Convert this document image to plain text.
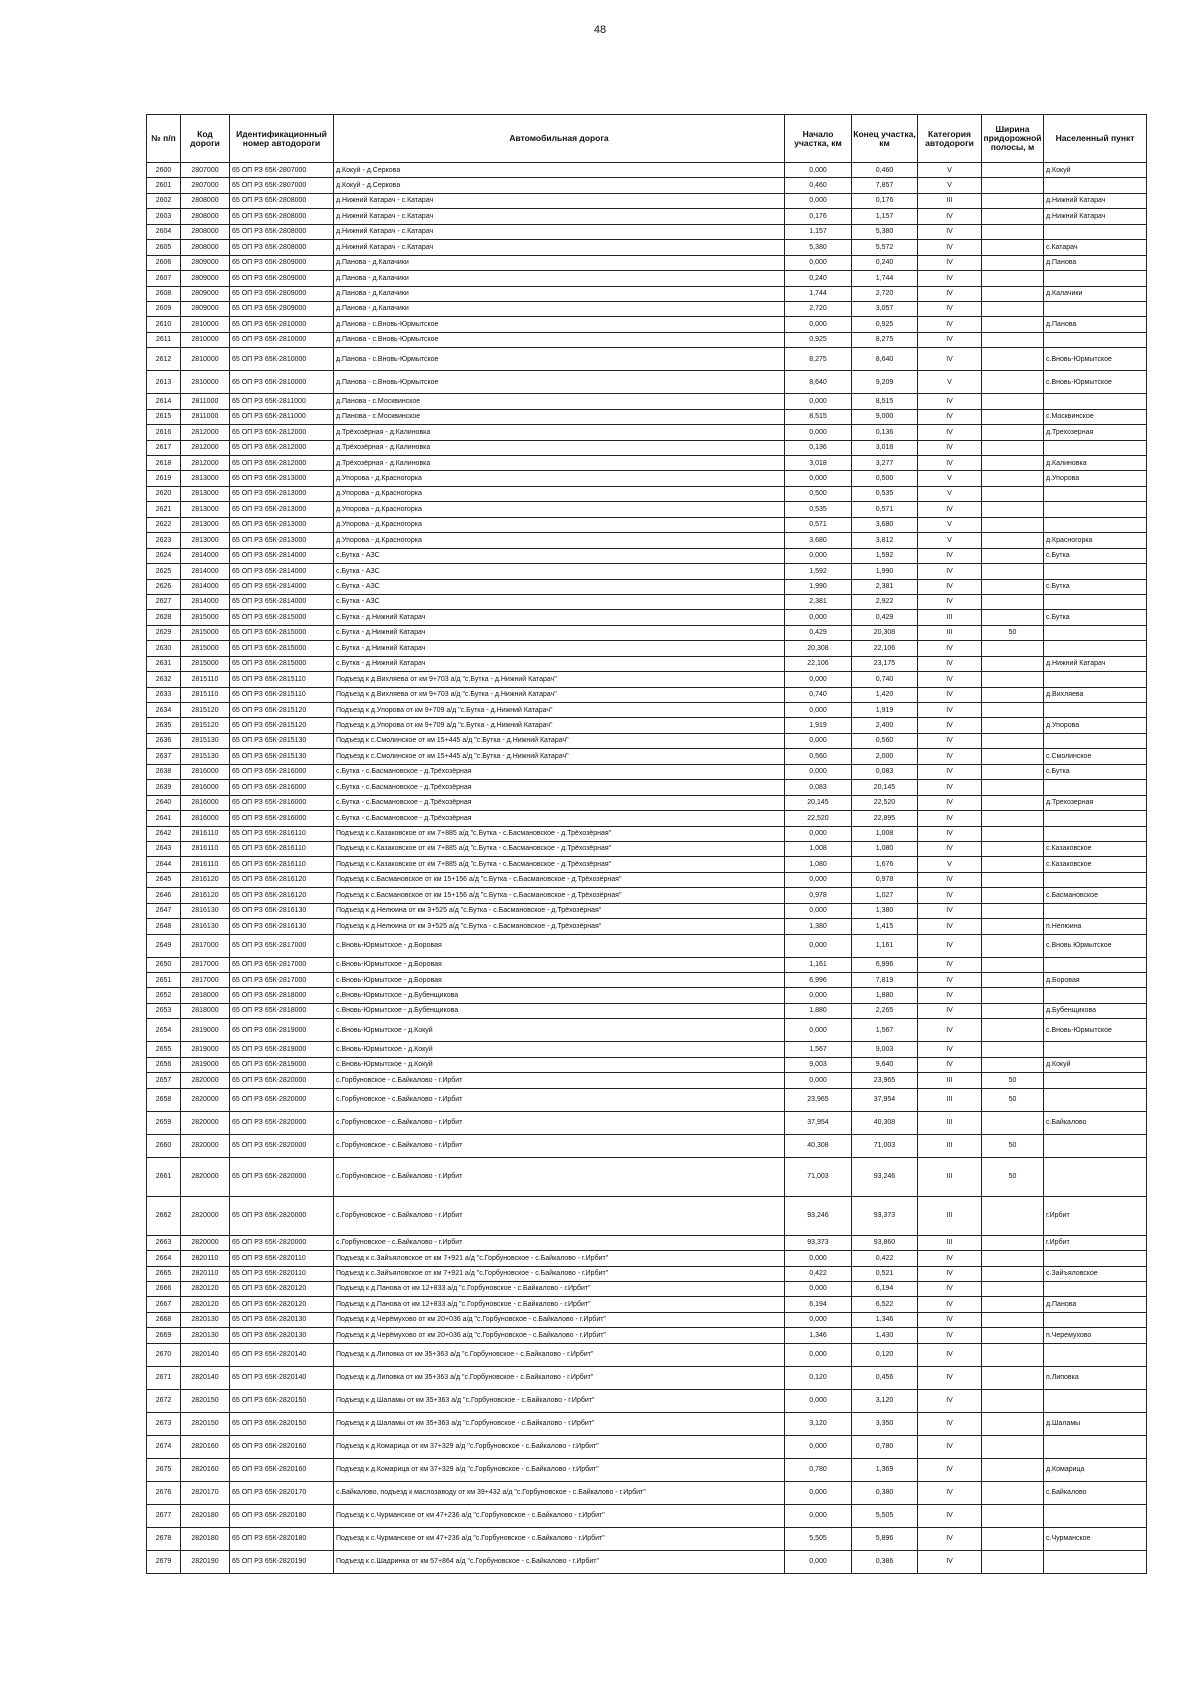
48
№ п/п	Код дороги	Идентификационный номер автодороги	Автомобильная дорога	Начало участка, км	Конец участка, км	Категория автодороги	Ширина придорожной полосы, м	Населенный пункт
2600	2807000	65 ОП РЗ 65К-2807000	д.Кокуй - д.Серкова	0,000	0,460	V		д.Кокуй
2601	2807000	65 ОП РЗ 65К-2807000	д.Кокуй - д.Серкова	0,460	7,857	V		
2602	2808000	65 ОП РЗ 65К-2808000	д.Нижний Катарач - с.Катарач	0,000	0,176	III		д.Нижний Катарач
2603	2808000	65 ОП РЗ 65К-2808000	д.Нижний Катарач - с.Катарач	0,176	1,157	IV		д.Нижний Катарач
2604	2808000	65 ОП РЗ 65К-2808000	д.Нижний Катарач - с.Катарач	1,157	5,380	IV		
2605	2808000	65 ОП РЗ 65К-2808000	д.Нижний Катарач - с.Катарач	5,380	5,572	IV		с.Катарач
2606	2809000	65 ОП РЗ 65К-2809000	д.Панова - д.Калачики	0,000	0,240	IV		д.Панова
2607	2809000	65 ОП РЗ 65К-2809000	д.Панова - д.Калачики	0,240	1,744	IV		
2608	2809000	65 ОП РЗ 65К-2809000	д.Панова - д.Калачики	1,744	2,720	IV		д.Калачики
2609	2809000	65 ОП РЗ 65К-2809000	д.Панова - д.Калачики	2,720	3,057	IV		
2610	2810000	65 ОП РЗ 65К-2810000	д.Панова - с.Вновь-Юрмытское	0,000	0,925	IV		д.Панова
2611	2810000	65 ОП РЗ 65К-2810000	д.Панова - с.Вновь-Юрмытское	0,925	8,275	IV		
2612	2810000	65 ОП РЗ 65К-2810000	д.Панова - с.Вновь-Юрмытское	8,275	8,640	IV		с.Вновь-Юрмытское
2613	2810000	65 ОП РЗ 65К-2810000	д.Панова - с.Вновь-Юрмытское	8,640	9,209	V		с.Вновь-Юрмытское
2614	2811000	65 ОП РЗ 65К-2811000	д.Панова - с.Москвинское	0,000	8,515	IV		
2615	2811000	65 ОП РЗ 65К-2811000	д.Панова - с.Москвинское	8,515	9,000	IV		с.Москвинское
2616	2812000	65 ОП РЗ 65К-2812000	д.Трёхозёрная - д.Калиновка	0,000	0,136	IV		д.Трехозерная
2617	2812000	65 ОП РЗ 65К-2812000	д.Трёхозёрная - д.Калиновка	0,136	3,018	IV		
2618	2812000	65 ОП РЗ 65К-2812000	д.Трёхозёрная - д.Калиновка	3,018	3,277	IV		д.Калиновка
2619	2813000	65 ОП РЗ 65К-2813000	д.Упорова - д.Красногорка	0,000	0,500	V		д.Упорова
2620	2813000	65 ОП РЗ 65К-2813000	д.Упорова - д.Красногорка	0,500	0,535	V		
2621	2813000	65 ОП РЗ 65К-2813000	д.Упорова - д.Красногорка	0,535	0,571	IV		
2622	2813000	65 ОП РЗ 65К-2813000	д.Упорова - д.Красногорка	0,571	3,680	V		
2623	2813000	65 ОП РЗ 65К-2813000	д.Упорова - д.Красногорка	3,680	3,812	V		д.Красногорка
2624	2814000	65 ОП РЗ 65К-2814000	с.Бутка - АЗС	0,000	1,592	IV		с.Бутка
2625	2814000	65 ОП РЗ 65К-2814000	с.Бутка - АЗС	1,592	1,990	IV		
2626	2814000	65 ОП РЗ 65К-2814000	с.Бутка - АЗС	1,990	2,381	IV		с.Бутка
2627	2814000	65 ОП РЗ 65К-2814000	с.Бутка - АЗС	2,381	2,922	IV		
2628	2815000	65 ОП РЗ 65К-2815000	с.Бутка - д.Нижний Катарач	0,000	0,429	III		с.Бутка
2629	2815000	65 ОП РЗ 65К-2815000	с.Бутка - д.Нижний Катарач	0,429	20,308	III	50	
2630	2815000	65 ОП РЗ 65К-2815000	с.Бутка - д.Нижний Катарач	20,308	22,106	IV		
2631	2815000	65 ОП РЗ 65К-2815000	с.Бутка - д.Нижний Катарач	22,106	23,175	IV		д.Нижний Катарач
2632	2815110	65 ОП РЗ 65К-2815110	Подъезд к д.Вихляева от км 9+703 а/д "с.Бутка - д.Нижний Катарач"	0,000	0,740	IV		
2633	2815110	65 ОП РЗ 65К-2815110	Подъезд к д.Вихляева от км 9+703 а/д "с.Бутка - д.Нижний Катарач"	0,740	1,420	IV		д.Вихляева
2634	2815120	65 ОП РЗ 65К-2815120	Подъезд к д.Упорова от км 9+709 а/д "с.Бутка - д.Нижний Катарач"	0,000	1,919	IV		
2635	2815120	65 ОП РЗ 65К-2815120	Подъезд к д.Упорова от км 9+709 а/д "с.Бутка - д.Нижний Катарач"	1,919	2,400	IV		д.Упорова
2636	2815130	65 ОП РЗ 65К-2815130	Подъезд к с.Смолинское от км 15+445 а/д "с.Бутка - д.Нижний Катарач"	0,000	0,560	IV		
2637	2815130	65 ОП РЗ 65К-2815130	Подъезд к с.Смолинское от км 15+445 а/д "с.Бутка - д.Нижний Катарач"	0,560	2,000	IV		с.Смолинское
2638	2816000	65 ОП РЗ 65К-2816000	с.Бутка - с.Басмановское - д.Трёхозёрная	0,000	0,083	IV		с.Бутка
2639	2816000	65 ОП РЗ 65К-2816000	с.Бутка - с.Басмановское - д.Трёхозёрная	0,083	20,145	IV		
2640	2816000	65 ОП РЗ 65К-2816000	с.Бутка - с.Басмановское - д.Трёхозёрная	20,145	22,520	IV		д.Трехозерная
2641	2816000	65 ОП РЗ 65К-2816000	с.Бутка - с.Басмановское - д.Трёхозёрная	22,520	22,895	IV		
2642	2816110	65 ОП РЗ 65К-2816110	Подъезд к с.Казаковское от км 7+885 а/д "с.Бутка - с.Басмановское - д.Трёхозёрная"	0,000	1,008	IV		
2643	2816110	65 ОП РЗ 65К-2816110	Подъезд к с.Казаковское от км 7+885 а/д "с.Бутка - с.Басмановское - д.Трёхозёрная"	1,008	1,080	IV		с.Казаковское
2644	2816110	65 ОП РЗ 65К-2816110	Подъезд к с.Казаковское от км 7+885 а/д "с.Бутка - с.Басмановское - д.Трёхозёрная"	1,080	1,676	V		с.Казаковское
2645	2816120	65 ОП РЗ 65К-2816120	Подъезд к с.Басмановское от км 15+156 а/д "с.Бутка - с.Басмановское - д.Трёхозёрная"	0,000	0,978	IV		
2646	2816120	65 ОП РЗ 65К-2816120	Подъезд к с.Басмановское от км 15+156 а/д "с.Бутка - с.Басмановское - д.Трёхозёрная"	0,978	1,027	IV		с.Басмановское
2647	2816130	65 ОП РЗ 65К-2816130	Подъезд к д.Нелюина от км 3+525 а/д "с.Бутка - с.Басмановское - д.Трёхозёрная"	0,000	1,380	IV		
2648	2816130	65 ОП РЗ 65К-2816130	Подъезд к д.Нелюина от км 3+525 а/д "с.Бутка - с.Басмановское - д.Трёхозёрная"	1,380	1,415	IV		п.Нелюина
2649	2817000	65 ОП РЗ 65К-2817000	с.Вновь-Юрмытское - д.Боровая	0,000	1,161	IV		с.Вновь Юрмытское
2650	2817000	65 ОП РЗ 65К-2817000	с.Вновь-Юрмытское - д.Боровая	1,161	6,996	IV		
2651	2817000	65 ОП РЗ 65К-2817000	с.Вновь-Юрмытское - д.Боровая	6,996	7,819	IV		д.Боровая
2652	2818000	65 ОП РЗ 65К-2818000	с.Вновь-Юрмытское - д.Бубенщикова	0,000	1,880	IV		
2653	2818000	65 ОП РЗ 65К-2818000	с.Вновь-Юрмытское - д.Бубенщикова	1,880	2,265	IV		д.Бубенщикова
2654	2819000	65 ОП РЗ 65К-2819000	с.Вновь-Юрмытское - д.Кокуй	0,000	1,567	IV		с.Вновь-Юрмытское
2655	2819000	65 ОП РЗ 65К-2819000	с.Вновь-Юрмытское - д.Кокуй	1,567	9,003	IV		
2656	2819000	65 ОП РЗ 65К-2819000	с.Вновь-Юрмытское - д.Кокуй	9,003	9,640	IV		д.Кокуй
2657	2820000	65 ОП РЗ 65К-2820000	с.Горбуновское - с.Байкалово - г.Ирбит	0,000	23,965	III	50	
2658	2820000	65 ОП РЗ 65К-2820000	с.Горбуновское - с.Байкалово - г.Ирбит	23,965	37,954	III	50	
2659	2820000	65 ОП РЗ 65К-2820000	с.Горбуновское - с.Байкалово - г.Ирбит	37,954	40,308	III		с.Байкалово
2660	2820000	65 ОП РЗ 65К-2820000	с.Горбуновское - с.Байкалово - г.Ирбит	40,308	71,003	III	50	
2661	2820000	65 ОП РЗ 65К-2820000	с.Горбуновское - с.Байкалово - г.Ирбит	71,003	93,246	III	50	
2662	2820000	65 ОП РЗ 65К-2820000	с.Горбуновское - с.Байкалово - г.Ирбит	93,246	93,373	III		г.Ирбит
2663	2820000	65 ОП РЗ 65К-2820000	с.Горбуновское - с.Байкалово - г.Ирбит	93,373	93,860	III		г.Ирбит
2664	2820110	65 ОП РЗ 65К-2820110	Подъезд к с.Зайъяловское от км 7+921 а/д "с.Горбуновское - с.Байкалово - г.Ирбит"	0,000	0,422	IV		
2665	2820110	65 ОП РЗ 65К-2820110	Подъезд к с.Зайъяловское от км 7+921 а/д "с.Горбуновское - с.Байкалово - г.Ирбит"	0,422	0,521	IV		с.Зайъяловское
2666	2820120	65 ОП РЗ 65К-2820120	Подъезд к д.Панова от км 12+833 а/д "с.Горбуновское - с.Байкалово - г.Ирбит"	0,000	6,194	IV		
2667	2820120	65 ОП РЗ 65К-2820120	Подъезд к д.Панова от км 12+833 а/д "с.Горбуновское - с.Байкалово - г.Ирбит"	6,194	6,522	IV		д.Панова
2668	2820130	65 ОП РЗ 65К-2820130	Подъезд к д.Черёмухово от км 20+036 а/д "с.Горбуновское - с.Байкалово - г.Ирбит"	0,000	1,346	IV		
2669	2820130	65 ОП РЗ 65К-2820130	Подъезд к д.Черёмухово от км 20+036 а/д "с.Горбуновское - с.Байкалово - г.Ирбит"	1,346	1,430	IV		п.Черемухово
2670	2820140	65 ОП РЗ 65К-2820140	Подъезд к д.Липовка от км 35+363 а/д "с.Горбуновское - с.Байкалово - г.Ирбит"	0,000	0,120	IV		
2671	2820140	65 ОП РЗ 65К-2820140	Подъезд к д.Липовка от км 35+363 а/д "с.Горбуновское - с.Байкалово - г.Ирбит"	0,120	0,456	IV		п.Липовка
2672	2820150	65 ОП РЗ 65К-2820150	Подъезд к д.Шаламы от км 35+363 а/д "с.Горбуновское - с.Байкалово - г.Ирбит"	0,000	3,120	IV		
2673	2820150	65 ОП РЗ 65К-2820150	Подъезд к д.Шаламы от км 35+363 а/д "с.Горбуновское - с.Байкалово - г.Ирбит"	3,120	3,350	IV		д.Шаламы
2674	2820160	65 ОП РЗ 65К-2820160	Подъезд к д.Комарица от км 37+329 а/д "с.Горбуновское - с.Байкалово - г.Ирбит"	0,000	0,780	IV		
2675	2820160	65 ОП РЗ 65К-2820160	Подъезд к д.Комарица от км 37+329 а/д "с.Горбуновское - с.Байкалово - г.Ирбит"	0,780	1,369	IV		д.Комарица
2676	2820170	65 ОП РЗ 65К-2820170	с.Байкалово, подъезд к маслозаводу от км 39+432 а/д "с.Горбуновское - с.Байкалово - г.Ирбит"	0,000	0,380	IV		с.Байкалово
2677	2820180	65 ОП РЗ 65К-2820180	Подъезд к с.Чурманское от км 47+236 а/д "с.Горбуновское - с.Байкалово - г.Ирбит"	0,000	5,505	IV		
2678	2820180	65 ОП РЗ 65К-2820180	Подъезд к с.Чурманское от км 47+236 а/д "с.Горбуновское - с.Байкалово - г.Ирбит"	5,505	5,896	IV		с.Чурманское
2679	2820190	65 ОП РЗ 65К-2820190	Подъезд к с.Шадринка от км 57+864 а/д "с.Горбуновское - с.Байкалово - г.Ирбит"	0,000	0,386	IV		
